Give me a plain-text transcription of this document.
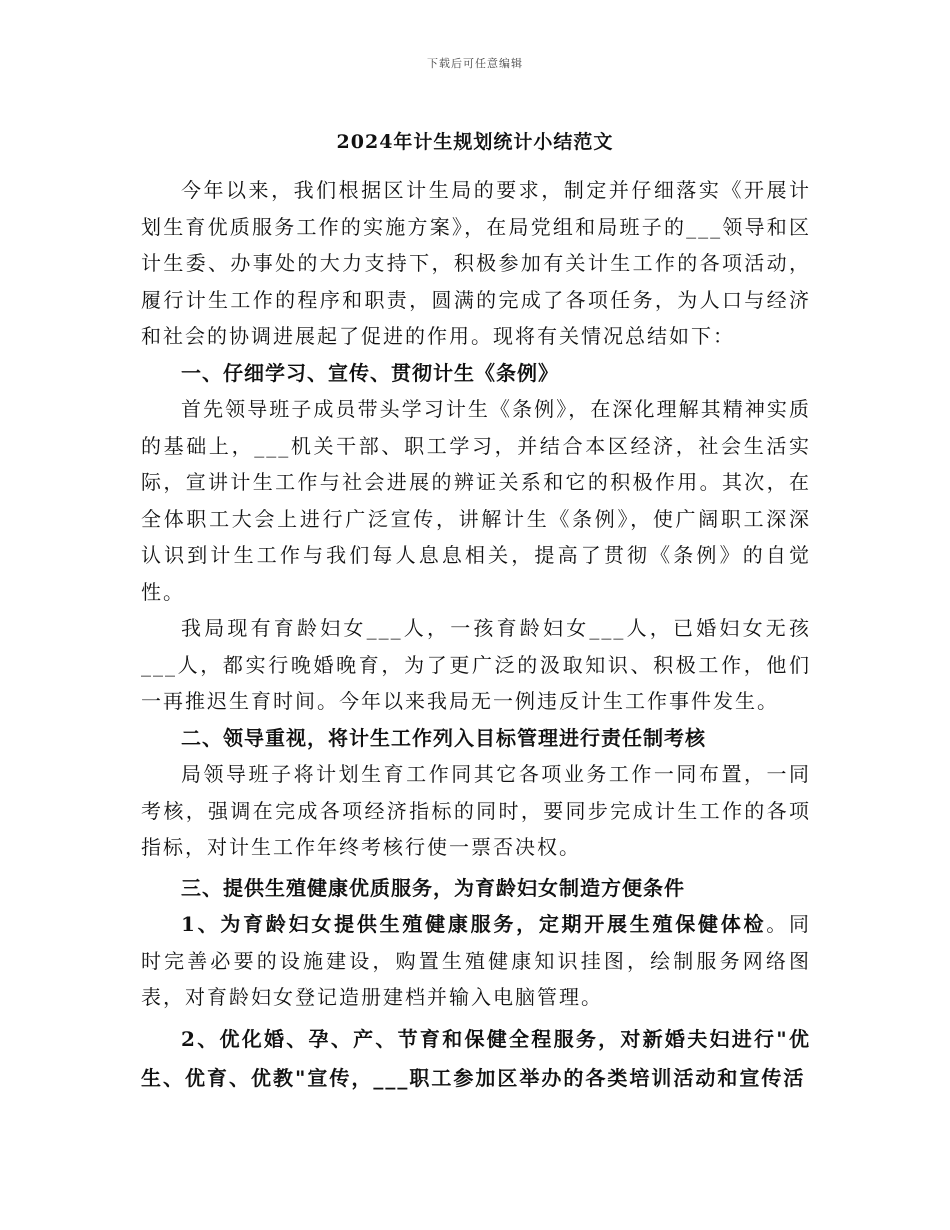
下载后可任意编辑
2024年计生规划统计小结范文

今年以来，我们根据区计生局的要求，制定并仔细落实《开展计划生育优质服务工作的实施方案》，在局党组和局班子的___领导和区计生委、办事处的大力支持下，积极参加有关计生工作的各项活动，履行计生工作的程序和职责，圆满的完成了各项任务，为人口与经济和社会的协调进展起了促进的作用。现将有关情况总结如下：

一、仔细学习、宣传、贯彻计生《条例》

首先领导班子成员带头学习计生《条例》，在深化理解其精神实质的基础上，___机关干部、职工学习，并结合本区经济，社会生活实际，宣讲计生工作与社会进展的辨证关系和它的积极作用。其次，在全体职工大会上进行广泛宣传，讲解计生《条例》，使广阔职工深深认识到计生工作与我们每人息息相关，提高了贯彻《条例》的自觉性。

我局现有育龄妇女___人，一孩育龄妇女___人，已婚妇女无孩___人，都实行晚婚晚育，为了更广泛的汲取知识、积极工作，他们一再推迟生育时间。今年以来我局无一例违反计生工作事件发生。

二、领导重视，将计生工作列入目标管理进行责任制考核

局领导班子将计划生育工作同其它各项业务工作一同布置，一同考核，强调在完成各项经济指标的同时，要同步完成计生工作的各项指标，对计生工作年终考核行使一票否决权。

三、提供生殖健康优质服务，为育龄妇女制造方便条件

1、为育龄妇女提供生殖健康服务，定期开展生殖保健体检。同时完善必要的设施建设，购置生殖健康知识挂图，绘制服务网络图表，对育龄妇女登记造册建档并输入电脑管理。

2、优化婚、孕、产、节育和保健全程服务，对新婚夫妇进行"优生、优育、优教"宣传，___职工参加区举办的各类培训活动和宣传活
